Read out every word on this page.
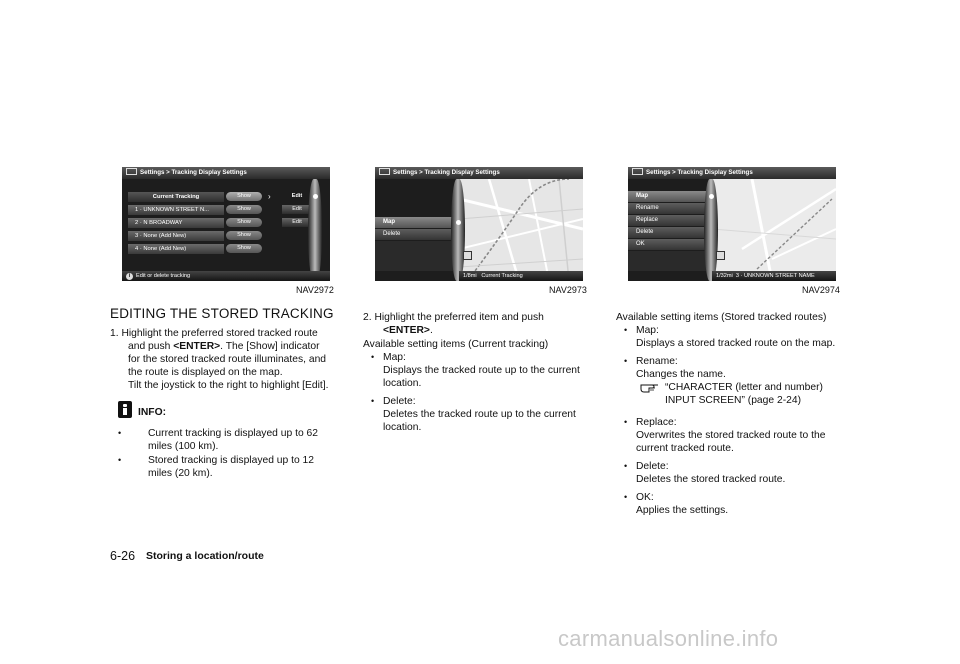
Settings > Tracking Display Settings
Current Tracking	Show	Edit
1 · UNKNOWN STREET N...	Show	Edit
2 · N BROADWAY	Show	Edit
3 · None (Add New)	Show
4 · None (Add New)	Show
›
i Edit or delete tracking
NAV2972
Settings > Tracking Display Settings
Map
Delete
1/8mi Current Tracking
NAV2973
Settings > Tracking Display Settings
Map
Rename
Replace
Delete
OK
1/32mi 3 · UNKNOWN STREET NAME
NAV2974
EDITING THE STORED TRACKING
1. Highlight the preferred stored tracked route
and push <ENTER>. The [Show] indicator
for the stored tracked route illuminates, and
the route is displayed on the map.
Tilt the joystick to the right to highlight [Edit].
INFO:
•	Current tracking is displayed up to 62
miles (100 km).
•	Stored tracking is displayed up to 12
miles (20 km).
2. Highlight the preferred item and push
<ENTER>.
Available setting items (Current tracking)
• Map:
Displays the tracked route up to the current
location.
• Delete:
Deletes the tracked route up to the current
location.
Available setting items (Stored tracked routes)
• Map:
Displays a stored tracked route on the map.
• Rename:
Changes the name.
“CHARACTER (letter and number)
INPUT SCREEN” (page 2-24)
• Replace:
Overwrites the stored tracked route to the
current tracked route.
• Delete:
Deletes the stored tracked route.
• OK:
Applies the settings.
6-26 Storing a location/route
carmanualsonline.info
